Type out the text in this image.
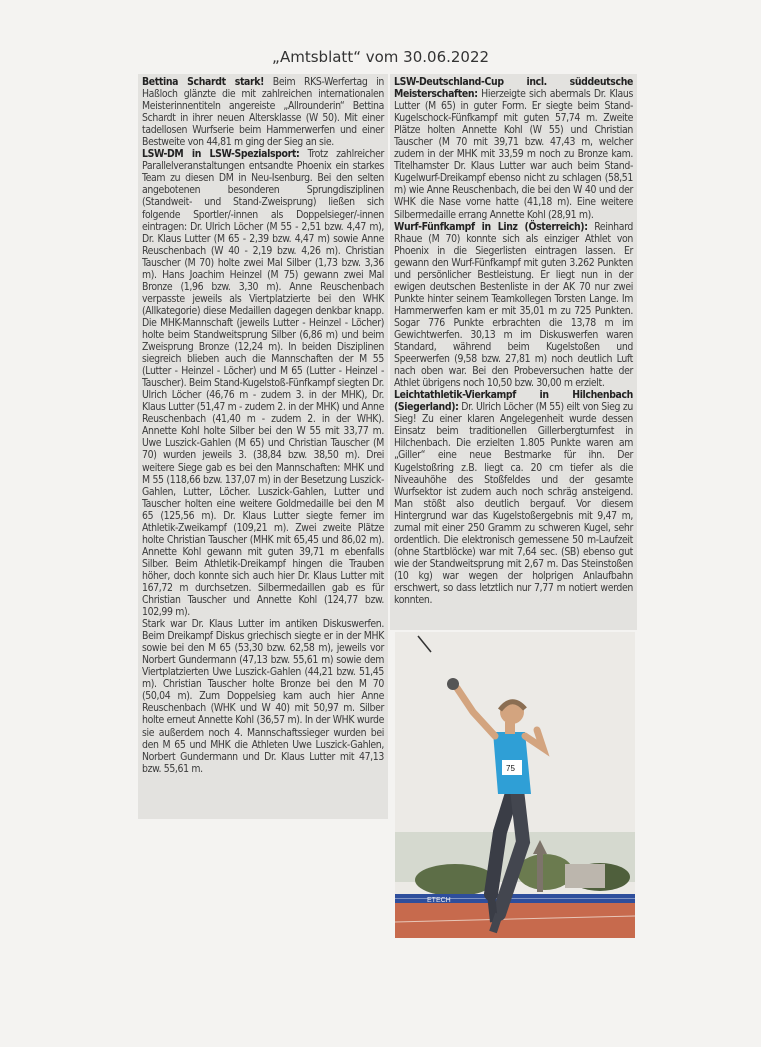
„Amtsblatt“ vom 30.06.2022

Bettina Schardt stark! Beim RKS-Werfertag in Haßloch glänzte die mit zahlreichen internationalen Meisterinnentiteln angereiste „Allrounderin“ Bettina Schardt in ihrer neuen Altersklasse (W 50). Mit einer tadellosen Wurfserie beim Hammerwerfen und einer Bestweite von 44,81 m ging der Sieg an sie.

LSW-DM in LSW-Spezialsport: Trotz zahlreicher Parallelveranstaltungen entsandte Phoenix ein starkes Team zu diesen DM in Neu-Isenburg. Bei den selten angebotenen besonderen Sprungdisziplinen (Standweit- und Stand-Zweisprung) ließen sich folgende Sportler/-innen als Doppelsieger/-innen eintragen: Dr. Ulrich Löcher (M 55 - 2,51 bzw. 4,47 m), Dr. Klaus Lutter (M 65 - 2,39 bzw. 4,47 m) sowie Anne Reuschenbach (W 40 - 2,19 bzw. 4,26 m). Christian Tauscher (M 70) holte zwei Mal Silber (1,73 bzw. 3,36 m). Hans Joachim Heinzel (M 75) gewann zwei Mal Bronze (1,96 bzw. 3,30 m). Anne Reuschenbach verpasste jeweils als Viertplatzierte bei den WHK (Allkategorie) diese Medaillen dagegen denkbar knapp. Die MHK-Mannschaft (jeweils Lutter - Heinzel - Löcher) holte beim Standweitsprung Silber (6,86 m) und beim Zweisprung Bronze (12,24 m). In beiden Disziplinen siegreich blieben auch die Mannschaften der M 55 (Lutter - Heinzel - Löcher) und M 65 (Lutter - Heinzel - Tauscher). Beim Stand-Kugelstoß-Fünfkampf siegten Dr. Ulrich Löcher (46,76 m - zudem 3. in der MHK), Dr. Klaus Lutter (51,47 m - zudem 2. in der MHK) und Anne Reuschenbach (41,40 m - zudem 2. in der WHK). Annette Kohl holte Silber bei den W 55 mit 33,77 m. Uwe Luszick-Gahlen (M 65) und Christian Tauscher (M 70) wurden jeweils 3. (38,84 bzw. 38,50 m). Drei weitere Siege gab es bei den Mannschaften: MHK und M 55 (118,66 bzw. 137,07 m) in der Besetzung Luszick-Gahlen, Lutter, Löcher. Luszick-Gahlen, Lutter und Tauscher holten eine weitere Goldmedaille bei den M 65 (125,56 m). Dr. Klaus Lutter siegte ferner im Athletik-Zweikampf (109,21 m). Zwei zweite Plätze holte Christian Tauscher (MHK mit 65,45 und 86,02 m). Annette Kohl gewann mit guten 39,71 m ebenfalls Silber. Beim Athletik-Dreikampf hingen die Trauben höher, doch konnte sich auch hier Dr. Klaus Lutter mit 167,72 m durchsetzen. Silbermedaillen gab es für Christian Tauscher und Annette Kohl (124,77 bzw. 102,99 m).

Stark war Dr. Klaus Lutter im antiken Diskuswerfen. Beim Dreikampf Diskus griechisch siegte er in der MHK sowie bei den M 65 (53,30 bzw. 62,58 m), jeweils vor Norbert Gundermann (47,13 bzw. 55,61 m) sowie dem Viertplatzierten Uwe Luszick-Gahlen (44,21 bzw. 51,45 m). Christian Tauscher holte Bronze bei den M 70 (50,04 m). Zum Doppelsieg kam auch hier Anne Reuschenbach (WHK und W 40) mit 50,97 m. Silber holte erneut Annette Kohl (36,57 m). In der WHK wurde sie außerdem noch 4. Mannschaftssieger wurden bei den M 65 und MHK die Athleten Uwe Luszick-Gahlen, Norbert Gundermann und Dr. Klaus Lutter mit 47,13 bzw. 55,61 m.

LSW-Deutschland-Cup incl. süddeutsche Meisterschaften: Hierzeigte sich abermals Dr. Klaus Lutter (M 65) in guter Form. Er siegte beim Stand-Kugelschock-Fünfkampf mit guten 57,74 m. Zweite Plätze holten Annette Kohl (W 55) und Christian Tauscher (M 70 mit 39,71 bzw. 47,43 m, welcher zudem in der MHK mit 33,59 m noch zu Bronze kam. Titelhamster Dr. Klaus Lutter war auch beim Stand-Kugelwurf-Dreikampf ebenso nicht zu schlagen (58,51 m) wie Anne Reuschenbach, die bei den W 40 und der WHK die Nase vorne hatte (41,18 m). Eine weitere Silbermedaille errang Annette Kohl (28,91 m).

Wurf-Fünfkampf in Linz (Österreich): Reinhard Rhaue (M 70) konnte sich als einziger Athlet von Phoenix in die Siegerlisten eintragen lassen. Er gewann den Wurf-Fünfkampf mit guten 3.262 Punkten und persönlicher Bestleistung. Er liegt nun in der ewigen deutschen Bestenliste in der AK 70 nur zwei Punkte hinter seinem Teamkollegen Torsten Lange. Im Hammerwerfen kam er mit 35,01 m zu 725 Punkten. Sogar 776 Punkte erbrachten die 13,78 m im Gewichtwerfen. 30,13 m im Diskuswerfen waren Standard, während beim Kugelstoßen und Speerwerfen (9,58 bzw. 27,81 m) noch deutlich Luft nach oben war. Bei den Probeversuchen hatte der Athlet übrigens noch 10,50 bzw. 30,00 m erzielt.

Leichtathletik-Vierkampf in Hilchenbach (Siegerland): Dr. Ulrich Löcher (M 55) eilt von Sieg zu Sieg! Zu einer klaren Angelegenheit wurde dessen Einsatz beim traditionellen Gillerbergturnfest in Hilchenbach. Die erzielten 1.805 Punkte waren am „Giller“ eine neue Bestmarke für ihn. Der Kugelstoßring z.B. liegt ca. 20 cm tiefer als die Niveauhöhe des Stoßfeldes und der gesamte Wurfsektor ist zudem auch noch schräg ansteigend. Man stößt also deutlich bergauf. Vor diesem Hintergrund war das Kugelstoßergebnis mit 9,47 m, zumal mit einer 250 Gramm zu schweren Kugel, sehr ordentlich. Die elektronisch gemessene 50 m-Laufzeit (ohne Startblöcke) war mit 7,64 sec. (SB) ebenso gut wie der Standweitsprung mit 2,67 m. Das Steinstoßen (10 kg) war wegen der holprigen Anlaufbahn erschwert, so dass letztlich nur 7,77 m notiert werden konnten.

ETECH
75
